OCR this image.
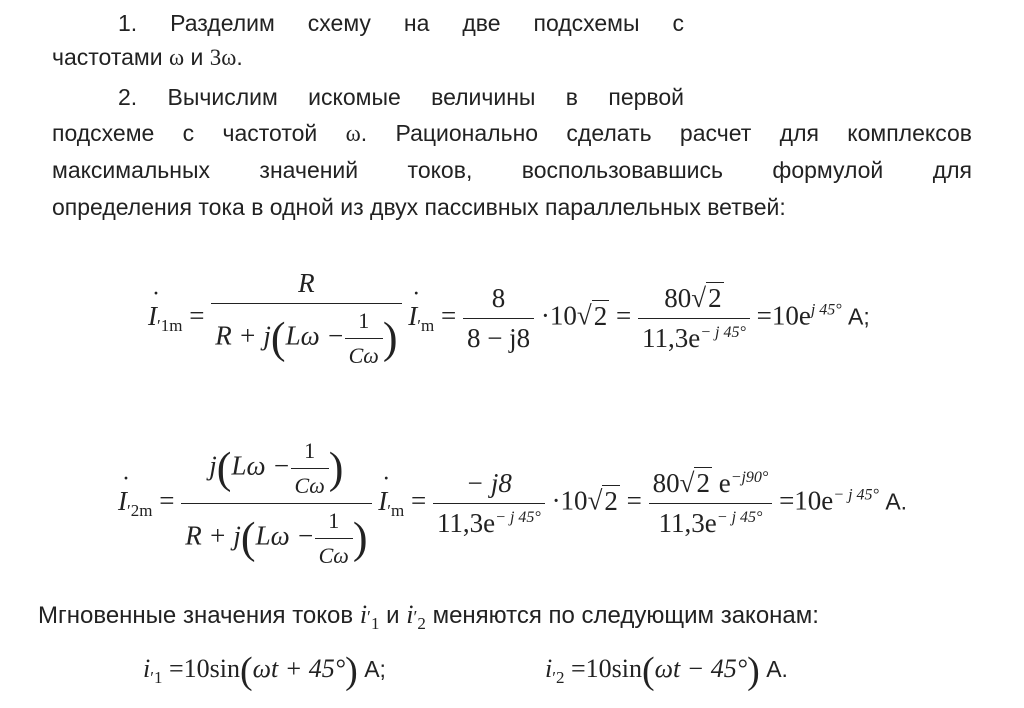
1. Разделим схему на две подсхемы с
частотами ω и 3ω.
2. Вычислим искомые величины в первой
подсхеме с частотой ω. Рационально сделать расчет для комплексов
максимальных значений токов, воспользовавшись формулой для
определения тока в одной из двух пассивных параллельных ветвей:
$I \cdot_{'1m} = \frac{R}{R + j(L\omega - \frac{1}{C\omega} )}$ $I \cdot_{'m} = \frac{8}{8 - j8} \cdot 10√2 = \frac{80√2}{11,3e^{- j 45^\circ}} =10e^{j 45^\circ}$ А;
$I \cdot_{'2m} = \frac{j(L\omega - \frac{1}{C\omega} )}{R + j(L\omega - \frac{1}{C\omega} )}$ $I \cdot_{'m} = \frac{- j8}{11,3e^{- j 45^\circ}} \cdot 10√2 = \frac{80√2 e^{-j90^\circ}}{11,3e^{- j 45^\circ}} =10e^{- j 45^\circ}$ А.
Мгновенные значения токов $i'_1$ и $i'_2$ меняются по следующим законам:
$i_{'1} =10\sin(\omega t + 45^\circ)$ А;	$i_{'2} =10\sin(\omega t - 45^\circ)$ А.
